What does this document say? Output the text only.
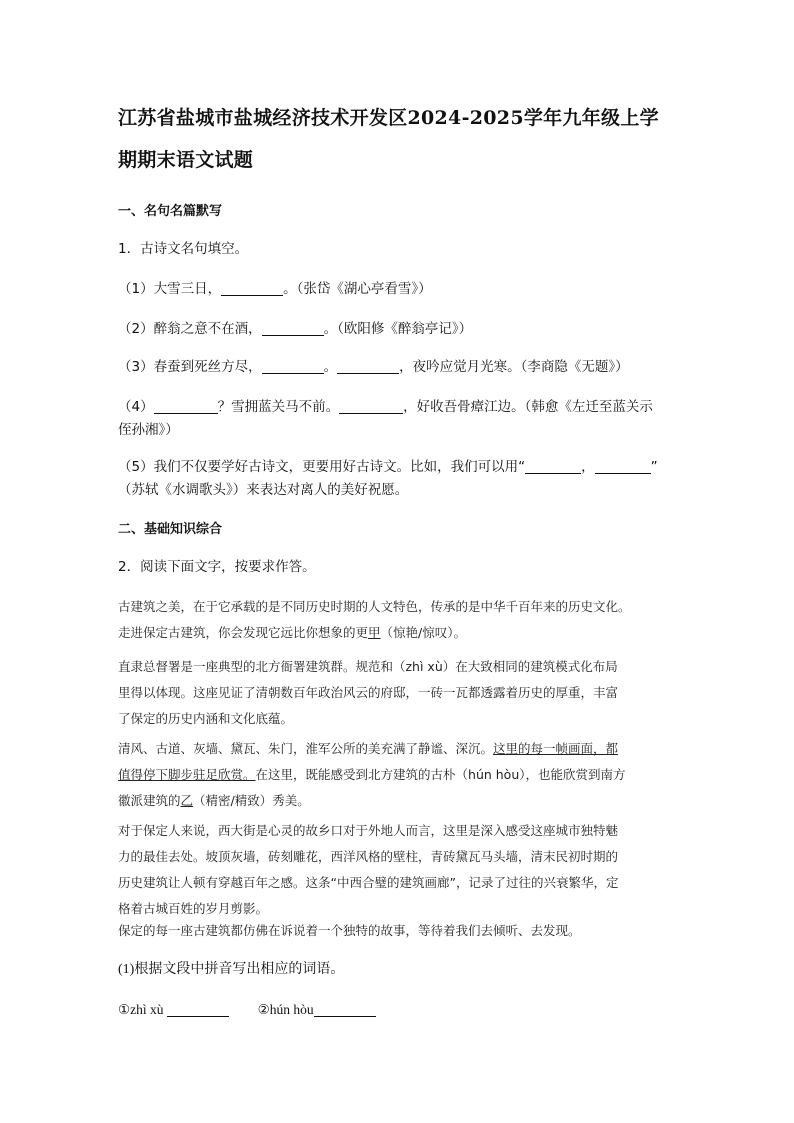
江苏省盐城市盐城经济技术开发区2024-2025学年九年级上学
期期末语文试题
一、名句名篇默写
1．古诗文名句填空。
（1）大雪三日，	。（张岱《湖心亭看雪》）
（2）醉翁之意不在酒，	。（欧阳修《醉翁亭记》）
（3）春蚕到死丝方尽，	。	，夜吟应觉月光寒。（李商隐《无题》）
（4）	？雪拥蓝关马不前。	，好收吾骨瘴江边。（韩愈《左迁至蓝关示
侄孙湘》）
（5）我们不仅要学好古诗文，更要用好古诗文。比如，我们可以用“	，	”
（苏轼《水调歌头》）来表达对离人的美好祝愿。
二、基础知识综合
2．阅读下面文字，按要求作答。
古建筑之美，在于它承载的是不同历史时期的人文特色，传承的是中华千百年来的历史文化。
走进保定古建筑，你会发现它远比你想象的更甲（惊艳/惊叹）。
直隶总督署是一座典型的北方衙署建筑群。规范和（zhì xù）在大致相同的建筑模式化布局
里得以体现。这座见证了清朝数百年政治风云的府邸，一砖一瓦都透露着历史的厚重，丰富
了保定的历史内涵和文化底蕴。
清风、古道、灰墙、黛瓦、朱门，淮军公所的美充满了静谧、深沉。这里的每一帧画面，都
值得停下脚步驻足欣赏。在这里，既能感受到北方建筑的古朴（hún hòu），也能欣赏到南方
徽派建筑的乙（精密/精致）秀美。
对于保定人来说，西大街是心灵的故乡口对于外地人而言，这里是深入感受这座城市独特魅
力的最佳去处。坡顶灰墙，砖刻雕花，西洋风格的壁柱，青砖黛瓦马头墙，清末民初时期的
历史建筑让人顿有穿越百年之感。这条“中西合璧的建筑画廊”，记录了过往的兴衰繁华，定
格着古城百姓的岁月剪影。
保定的每一座古建筑都仿佛在诉说着一个独特的故事，等待着我们去倾听、去发现。
(1)根据文段中拼音写出相应的词语。
①zhì xù	②hún hòu
